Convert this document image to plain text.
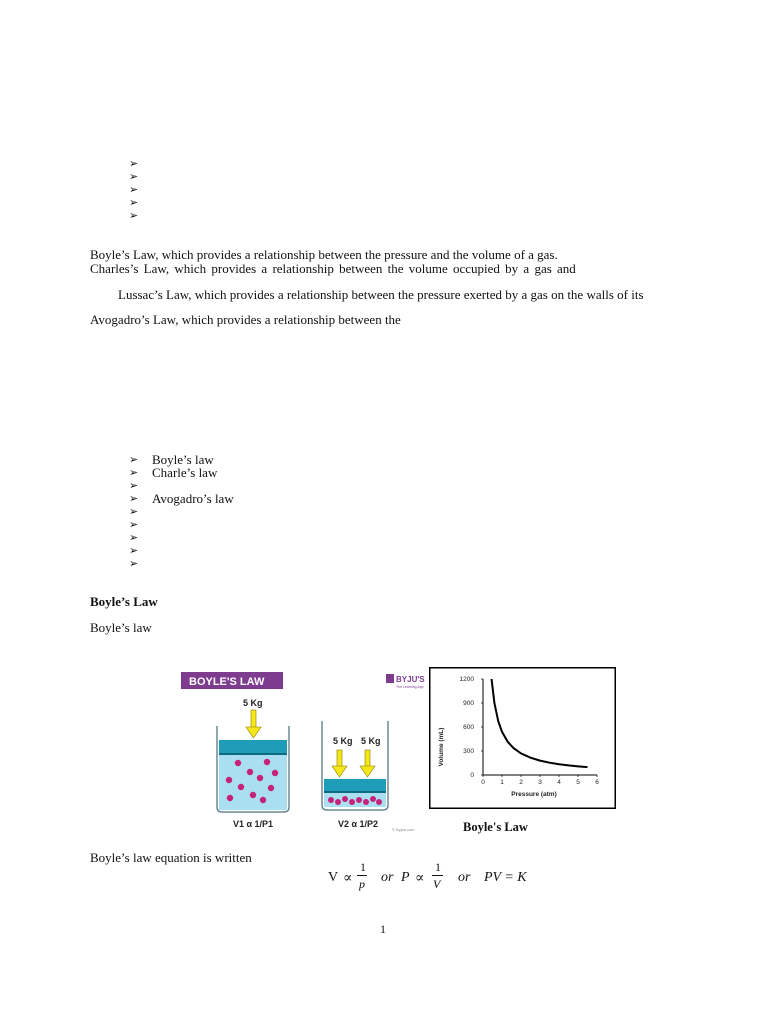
➢
➢
➢
➢
➢
Boyle’s Law, which provides a relationship between the pressure and the volume of a gas.
Charles’s Law, which provides a relationship between the volume occupied by a gas and
Lussac’s Law, which provides a relationship between the pressure exerted by a gas on the walls of its
Avogadro’s Law, which provides a relationship between the
➢ Boyle’s law
➢ Charle’s law
➢
➢ Avogadro’s law
➢
➢
➢
➢
➢
Boyle’s Law
Boyle’s law
BOYLE'S LAW	BYJU'S
The Learning App
5 Kg
V1 α 1/P1
5 Kg 5 Kg
V2 α 1/P2
© Byjus.com
Volume (mL)
Pressure (atm)
0 1 2 3 4 5 6
0
300
600
900
1200
Boyle's Law
Boyle’s law equation is written
V ∝
1
p or P ∝
1
V or PV = K
1
